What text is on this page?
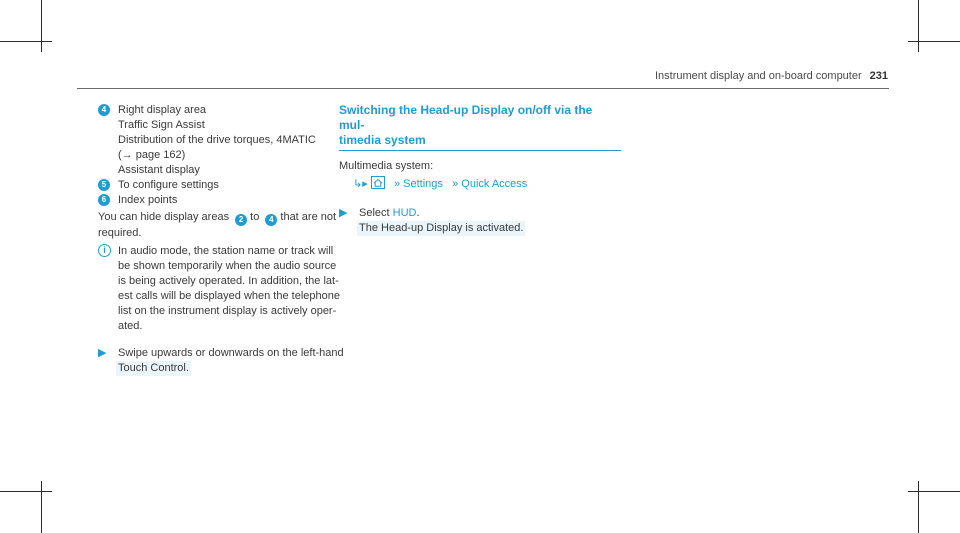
Instrument display and on-board computer 231
4	Right display area
Traffic Sign Assist
Distribution of the drive torques, 4MATIC
(→ page 162)
Assistant display
5	To configure settings
6	Index points
You can hide display areas 2 to 4 that are not required.
i	In audio mode, the station name or track will
be shown temporarily when the audio source
is being actively operated. In addition, the lat-
est calls will be displayed when the telephone
list on the instrument display is actively oper-
ated.
▶ Swipe upwards or downwards on the left-hand
Touch Control.
Switching the Head-up Display on/off via the mul-
timedia system
Multimedia system:
↳▸    » Settings   » Quick Access
▶ Select HUD.
The Head-up Display is activated.
